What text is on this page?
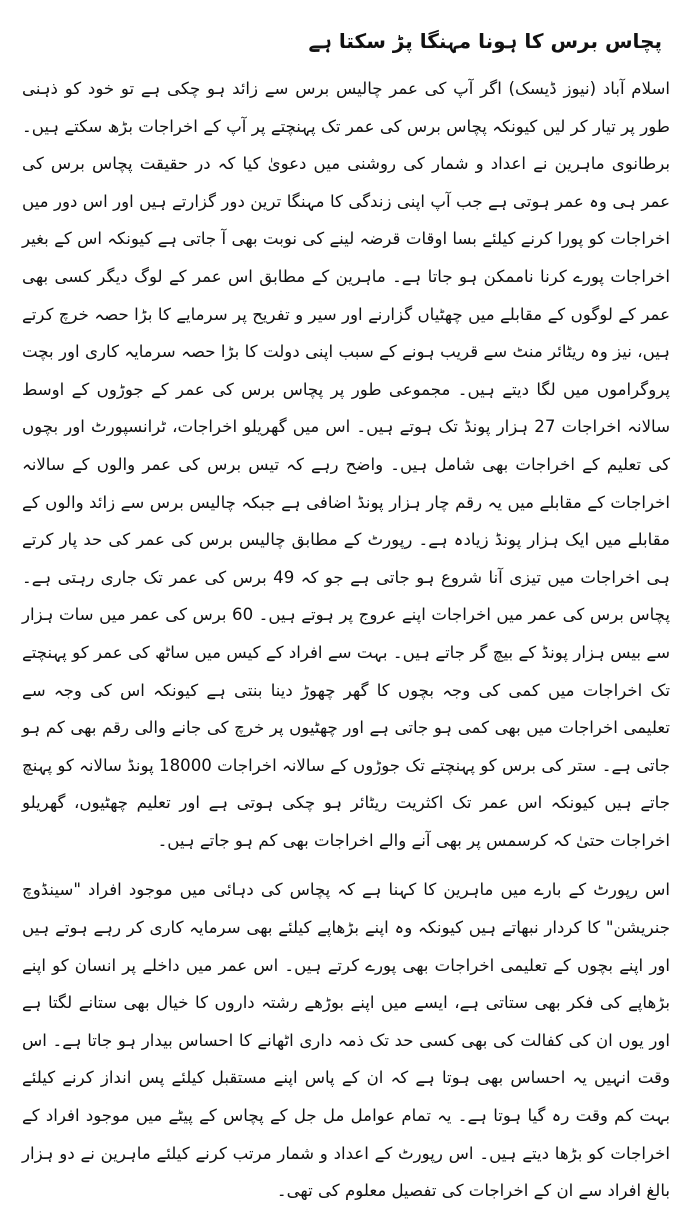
پچاس برس کا ہونا مہنگا پڑ سکتا ہے

اسلام آباد (نیوز ڈیسک) اگر آپ کی عمر چالیس برس سے زائد ہو چکی ہے تو خود کو ذہنی طور پر تیار کر لیں کیونکہ پچاس برس کی عمر تک پہنچتے پر آپ کے اخراجات بڑھ سکتے ہیں۔ برطانوی ماہرین نے اعداد و شمار کی روشنی میں دعویٰ کیا کہ در حقیقت پچاس برس کی عمر ہی وہ عمر ہوتی ہے جب آپ اپنی زندگی کا مہنگا ترین دور گزارتے ہیں اور اس دور میں اخراجات کو پورا کرنے کیلئے بسا اوقات قرضہ لینے کی نوبت بھی آ جاتی ہے کیونکہ اس کے بغیر اخراجات پورے کرنا ناممکن ہو جاتا ہے۔ ماہرین کے مطابق اس عمر کے لوگ دیگر کسی بھی عمر کے لوگوں کے مقابلے میں چھٹیاں گزارنے اور سیر و تفریح پر سرمایے کا بڑا حصہ خرچ کرتے ہیں، نیز وہ ریٹائر منٹ سے قریب ہونے کے سبب اپنی دولت کا بڑا حصہ سرمایہ کاری اور بچت پروگراموں میں لگا دیتے ہیں۔ مجموعی طور پر پچاس برس کی عمر کے جوڑوں کے اوسط سالانہ اخراجات 27 ہزار پونڈ تک ہوتے ہیں۔ اس میں گھریلو اخراجات، ٹرانسپورٹ اور بچوں کی تعلیم کے اخراجات بھی شامل ہیں۔ واضح رہے کہ تیس برس کی عمر والوں کے سالانہ اخراجات کے مقابلے میں یہ رقم چار ہزار پونڈ اضافی ہے جبکہ چالیس برس سے زائد والوں کے مقابلے میں ایک ہزار پونڈ زیادہ ہے۔ رپورٹ کے مطابق چالیس برس کی عمر کی حد پار کرتے ہی اخراجات میں تیزی آنا شروع ہو جاتی ہے جو کہ 49 برس کی عمر تک جاری رہتی ہے۔ پچاس برس کی عمر میں اخراجات اپنے عروج پر ہوتے ہیں۔ 60 برس کی عمر میں سات ہزار سے بیس ہزار پونڈ کے بیچ گر جاتے ہیں۔ بہت سے افراد کے کیس میں ساٹھ کی عمر کو پہنچتے تک اخراجات میں کمی کی وجہ بچوں کا گھر چھوڑ دینا بنتی ہے کیونکہ اس کی وجہ سے تعلیمی اخراجات میں بھی کمی ہو جاتی ہے اور چھٹیوں پر خرچ کی جانے والی رقم بھی کم ہو جاتی ہے۔ ستر کی برس کو پہنچتے تک جوڑوں کے سالانہ اخراجات 18000 پونڈ سالانہ کو پہنچ جاتے ہیں کیونکہ اس عمر تک اکثریت ریٹائر ہو چکی ہوتی ہے اور تعلیم چھٹیوں، گھریلو اخراجات حتیٰ کہ کرسمس پر بھی آنے والے اخراجات بھی کم ہو جاتے ہیں۔

اس رپورٹ کے بارے میں ماہرین کا کہنا ہے کہ پچاس کی دہائی میں موجود افراد "سینڈوچ جنریشن" کا کردار نبھاتے ہیں کیونکہ وہ اپنے بڑھاپے کیلئے بھی سرمایہ کاری کر رہے ہوتے ہیں اور اپنے بچوں کے تعلیمی اخراجات بھی پورے کرتے ہیں۔ اس عمر میں داخلے پر انسان کو اپنے بڑھاپے کی فکر بھی ستاتی ہے، ایسے میں اپنے بوڑھے رشتہ داروں کا خیال بھی ستانے لگتا ہے اور یوں ان کی کفالت کی بھی کسی حد تک ذمہ داری اٹھانے کا احساس بیدار ہو جاتا ہے۔ اس وقت انہیں یہ احساس بھی ہوتا ہے کہ ان کے پاس اپنے مستقبل کیلئے پس انداز کرنے کیلئے بہت کم وقت رہ گیا ہوتا ہے۔ یہ تمام عوامل مل جل کے پچاس کے پیٹے میں موجود افراد کے اخراجات کو بڑھا دیتے ہیں۔ اس رپورٹ کے اعداد و شمار مرتب کرنے کیلئے ماہرین نے دو ہزار بالغ افراد سے ان کے اخراجات کی تفصیل معلوم کی تھی۔
